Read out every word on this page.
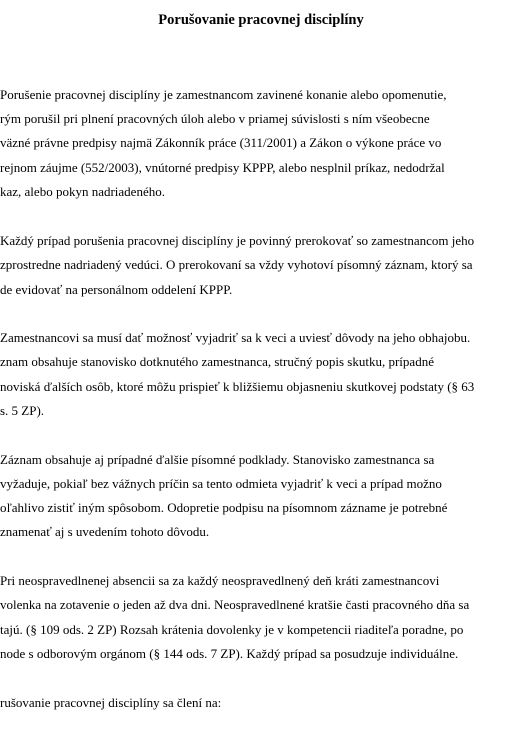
Porušovanie pracovnej disciplíny
Porušenie pracovnej disciplíny je zamestnancom zavinené konanie alebo opomenutie,
rým porušil pri plnení pracovných úloh alebo v priamej súvislosti s ním všeobecne
väzné právne predpisy najmä Zákonník práce (311/2001) a Zákon o výkone práce vo
rejnom záujme (552/2003), vnútorné predpisy KPPP, alebo nesplnil príkaz, nedodržal
kaz, alebo pokyn nadriadeného.
Každý prípad porušenia pracovnej disciplíny je povinný prerokovať so zamestnancom jeho
zprostredne nadriadený vedúci. O prerokovaní sa vždy vyhotoví písomný záznam, ktorý sa
de evidovať na personálnom oddelení KPPP.
Zamestnancovi sa musí dať možnosť vyjadriť sa k veci a uviesť dôvody na jeho obhajobu.
znam obsahuje stanovisko dotknutého zamestnanca, stručný popis skutku, prípadné
noviská ďalších osôb, ktoré môžu prispieť k bližšiemu objasneniu skutkovej podstaty (§ 63
s. 5 ZP).
Záznam obsahuje aj prípadné ďalšie písomné podklady. Stanovisko zamestnanca sa
vyžaduje, pokiaľ bez vážnych príčin sa tento odmieta vyjadriť k veci a prípad možno
oľahlivo zistiť iným spôsobom. Odopretie podpisu na písomnom zázname je potrebné
znamenať aj s uvedením tohoto dôvodu.
Pri neospravedlnenej absencii sa za každý neospravedlnený deň kráti zamestnancovi
volenka na zotavenie o jeden až dva dni. Neospravedlnené kratšie časti pracovného dňa sa
tajú. (§ 109 ods. 2 ZP) Rozsah krátenia dovolenky je v kompetencii riaditeľa poradne, po
node s odborovým orgánom (§ 144 ods. 7 ZP). Každý prípad sa posudzuje individuálne.
rušovanie pracovnej disciplíny sa člení na:
